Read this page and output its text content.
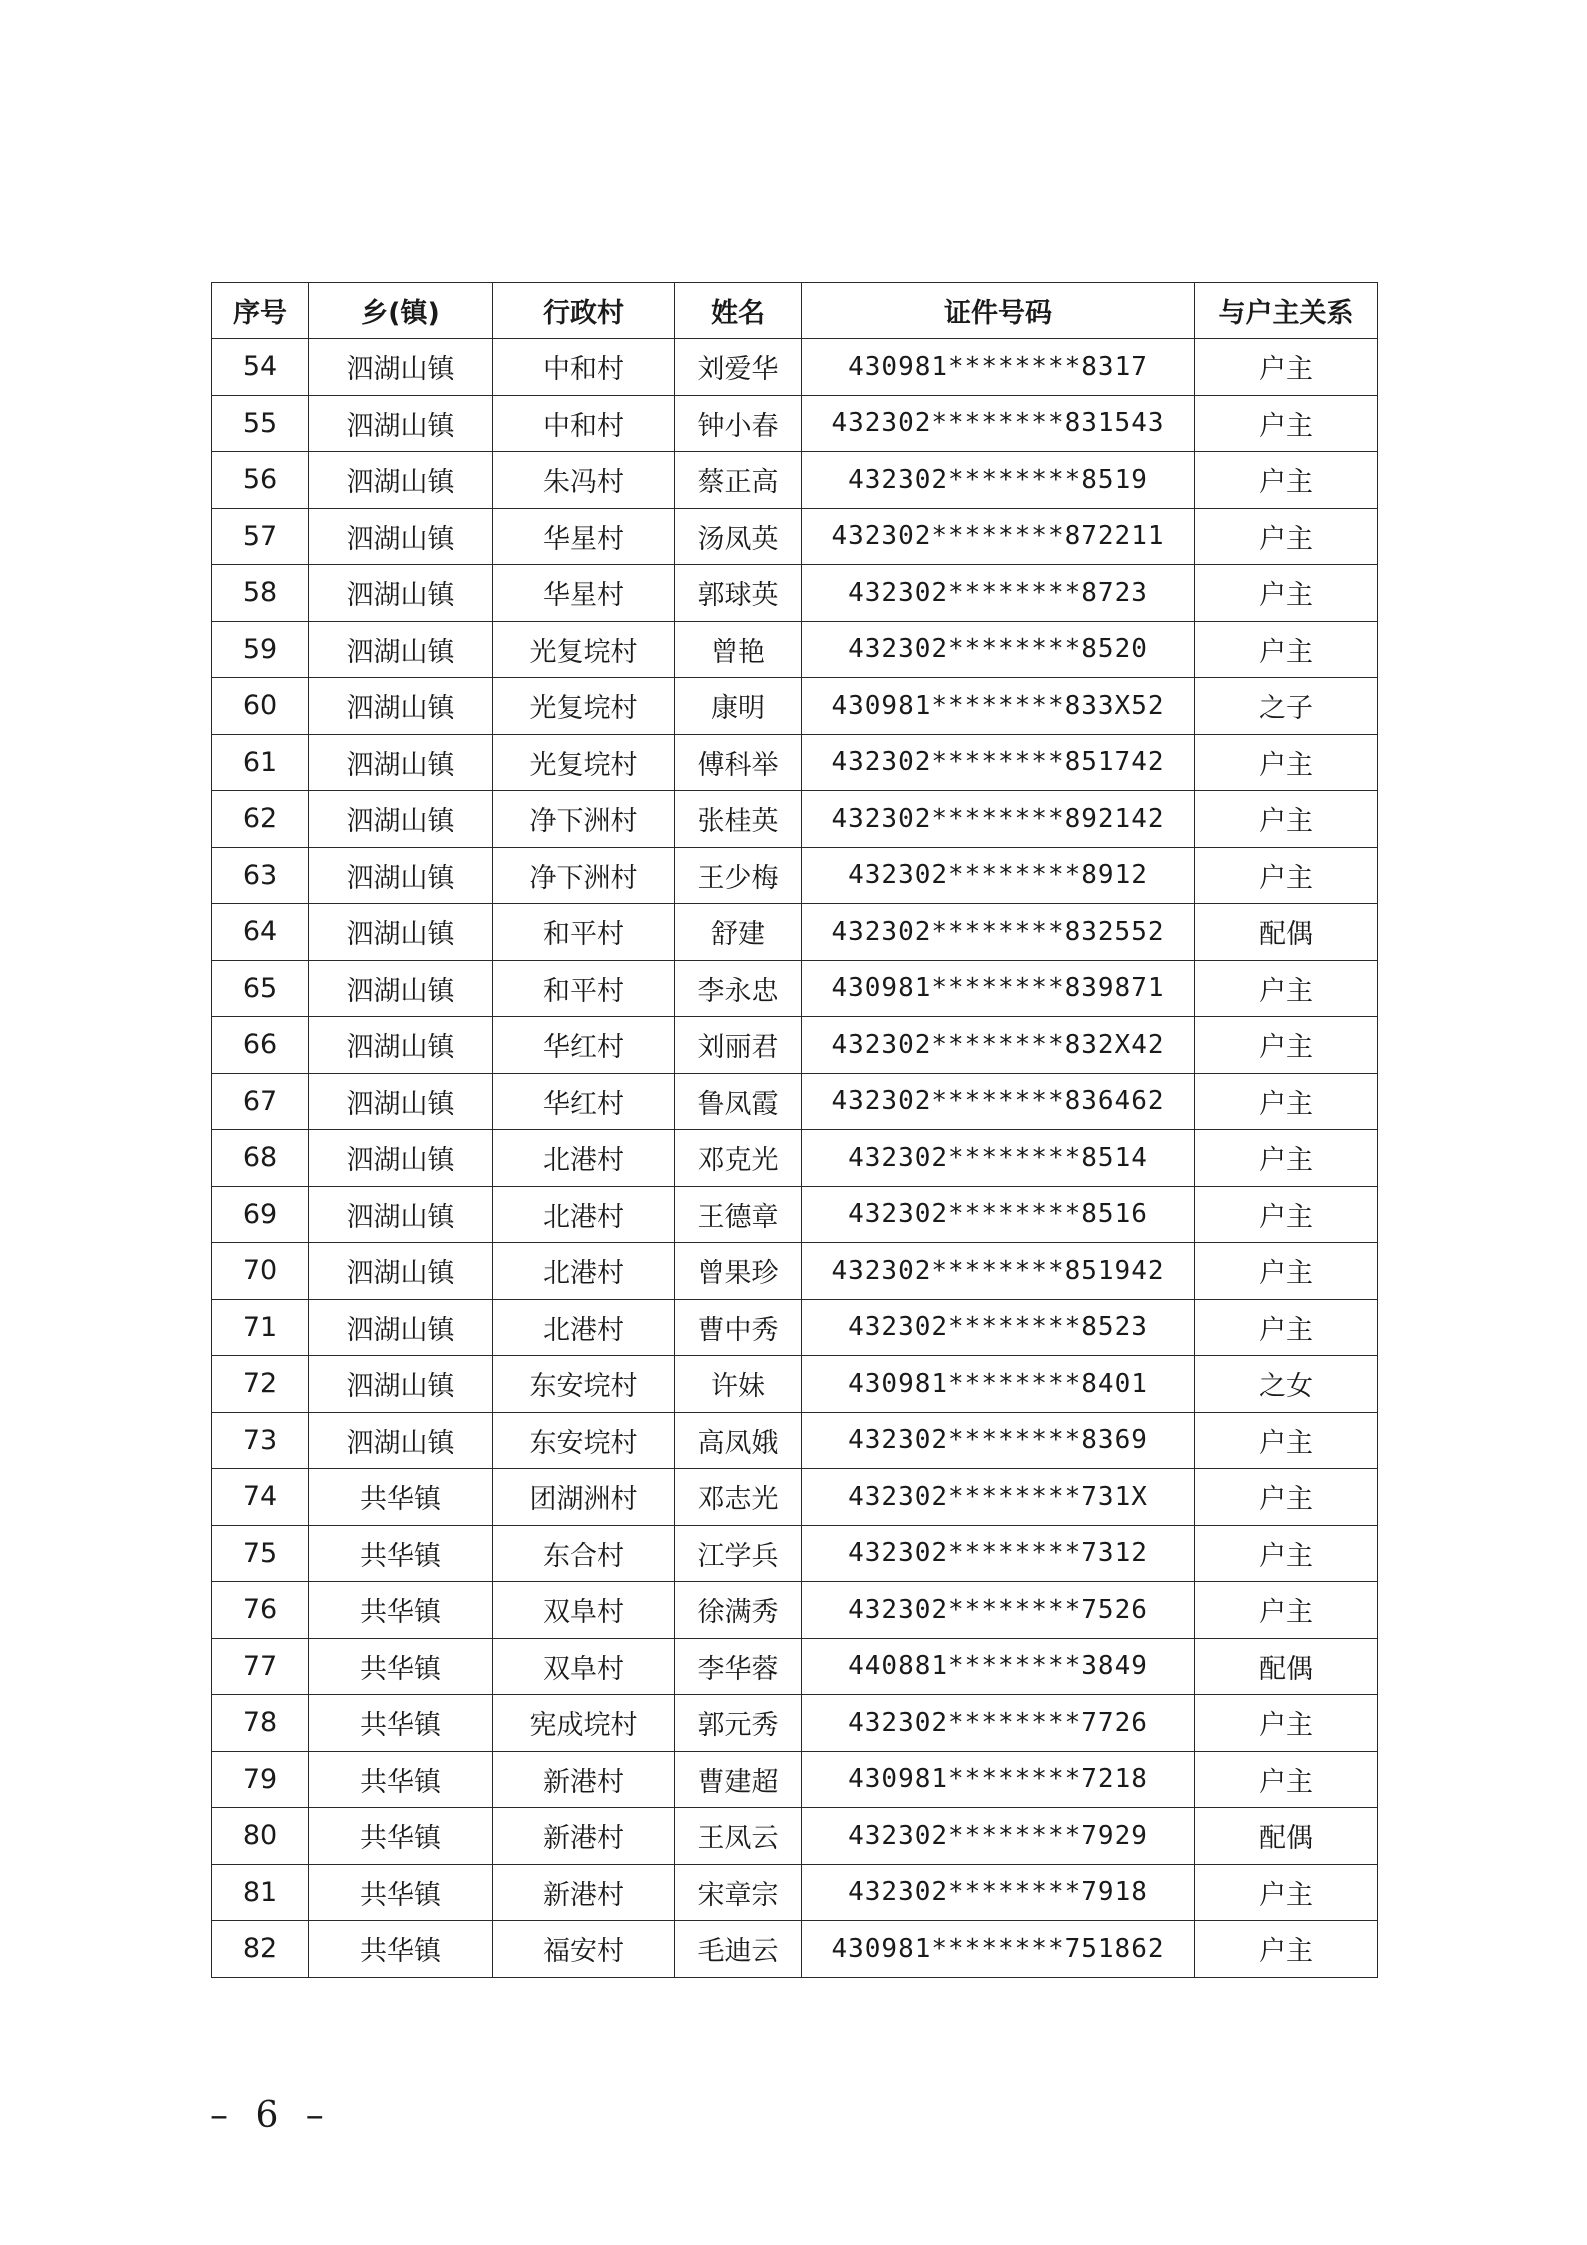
序号	乡(镇)	行政村	姓名	证件号码	与户主关系
54	泗湖山镇	中和村	刘爱华	430981********8317	户主
55	泗湖山镇	中和村	钟小春	432302********831543	户主
56	泗湖山镇	朱冯村	蔡正高	432302********8519	户主
57	泗湖山镇	华星村	汤凤英	432302********872211	户主
58	泗湖山镇	华星村	郭球英	432302********8723	户主
59	泗湖山镇	光复垸村	曾艳	432302********8520	户主
60	泗湖山镇	光复垸村	康明	430981********833X52	之子
61	泗湖山镇	光复垸村	傅科举	432302********851742	户主
62	泗湖山镇	净下洲村	张桂英	432302********892142	户主
63	泗湖山镇	净下洲村	王少梅	432302********8912	户主
64	泗湖山镇	和平村	舒建	432302********832552	配偶
65	泗湖山镇	和平村	李永忠	430981********839871	户主
66	泗湖山镇	华红村	刘丽君	432302********832X42	户主
67	泗湖山镇	华红村	鲁凤霞	432302********836462	户主
68	泗湖山镇	北港村	邓克光	432302********8514	户主
69	泗湖山镇	北港村	王德章	432302********8516	户主
70	泗湖山镇	北港村	曾果珍	432302********851942	户主
71	泗湖山镇	北港村	曹中秀	432302********8523	户主
72	泗湖山镇	东安垸村	许妹	430981********8401	之女
73	泗湖山镇	东安垸村	高凤娥	432302********8369	户主
74	共华镇	团湖洲村	邓志光	432302********731X	户主
75	共华镇	东合村	江学兵	432302********7312	户主
76	共华镇	双阜村	徐满秀	432302********7526	户主
77	共华镇	双阜村	李华蓉	440881********3849	配偶
78	共华镇	宪成垸村	郭元秀	432302********7726	户主
79	共华镇	新港村	曹建超	430981********7218	户主
80	共华镇	新港村	王凤云	432302********7929	配偶
81	共华镇	新港村	宋章宗	432302********7918	户主
82	共华镇	福安村	毛迪云	430981********751862	户主
– 6 –
